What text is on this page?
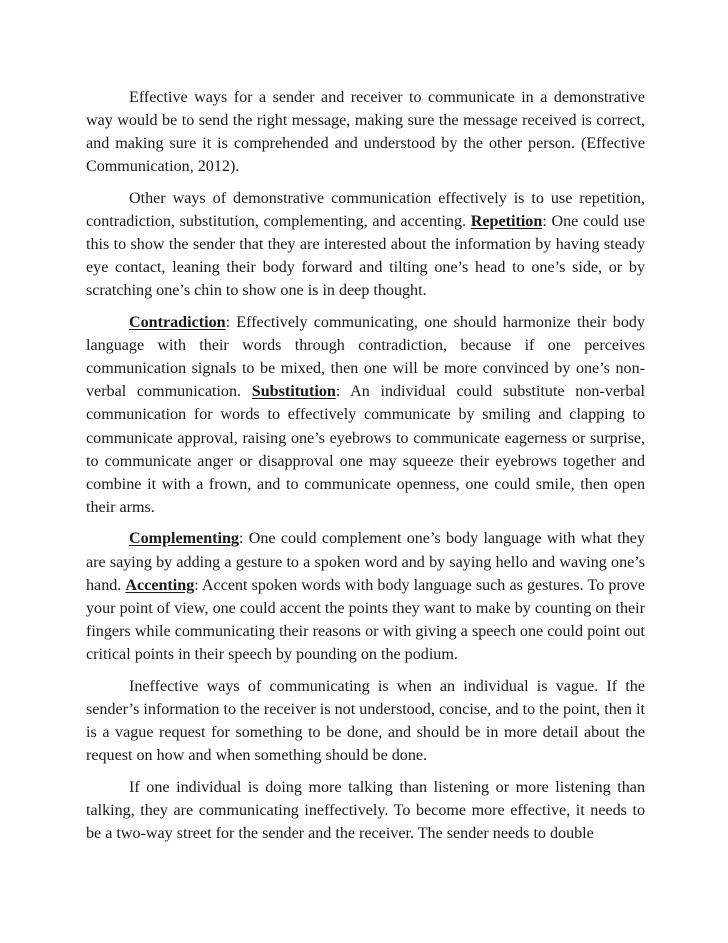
Effective ways for a sender and receiver to communicate in a demonstrative way would be to send the right message, making sure the message received is correct, and making sure it is comprehended and understood by the other person. (Effective Communication, 2012).

Other ways of demonstrative communication effectively is to use repetition, contradiction, substitution, complementing, and accenting. Repetition: One could use this to show the sender that they are interested about the information by having steady eye contact, leaning their body forward and tilting one’s head to one’s side, or by scratching one’s chin to show one is in deep thought.

Contradiction: Effectively communicating, one should harmonize their body language with their words through contradiction, because if one perceives communication signals to be mixed, then one will be more convinced by one’s non-verbal communication. Substitution: An individual could substitute non-verbal communication for words to effectively communicate by smiling and clapping to communicate approval, raising one’s eyebrows to communicate eagerness or surprise, to communicate anger or disapproval one may squeeze their eyebrows together and combine it with a frown, and to communicate openness, one could smile, then open their arms.

Complementing: One could complement one’s body language with what they are saying by adding a gesture to a spoken word and by saying hello and waving one’s hand. Accenting: Accent spoken words with body language such as gestures. To prove your point of view, one could accent the points they want to make by counting on their fingers while communicating their reasons or with giving a speech one could point out critical points in their speech by pounding on the podium.

Ineffective ways of communicating is when an individual is vague. If the sender’s information to the receiver is not understood, concise, and to the point, then it is a vague request for something to be done, and should be in more detail about the request on how and when something should be done.

If one individual is doing more talking than listening or more listening than talking, they are communicating ineffectively. To become more effective, it needs to be a two-way street for the sender and the receiver. The sender needs to double
